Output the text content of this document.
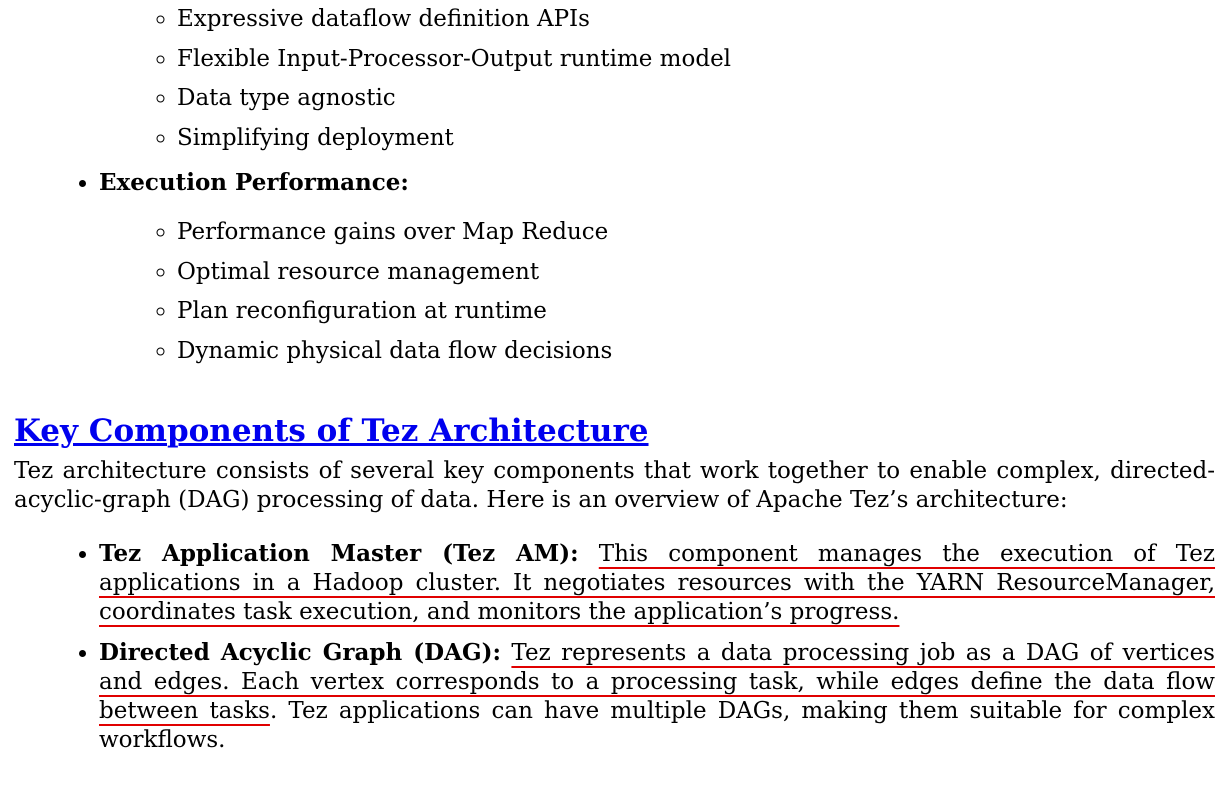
◦ Expressive dataflow definition APIs
◦ Flexible Input-Processor-Output runtime model
◦ Data type agnostic
◦ Simplifying deployment
• Execution Performance:
◦ Performance gains over Map Reduce
◦ Optimal resource management
◦ Plan reconfiguration at runtime
◦ Dynamic physical data flow decisions
Key Components of Tez Architecture

Tez architecture consists of several key components that work together to enable complex, directed-acyclic-graph (DAG) processing of data. Here is an overview of Apache Tez’s architecture:

• Tez Application Master (Tez AM): This component manages the execution of Tez applications in a Hadoop cluster. It negotiates resources with the YARN ResourceManager, coordinates task execution, and monitors the application’s progress.
• Directed Acyclic Graph (DAG): Tez represents a data processing job as a DAG of vertices and edges. Each vertex corresponds to a processing task, while edges define the data flow between tasks. Tez applications can have multiple DAGs, making them suitable for complex workflows.
